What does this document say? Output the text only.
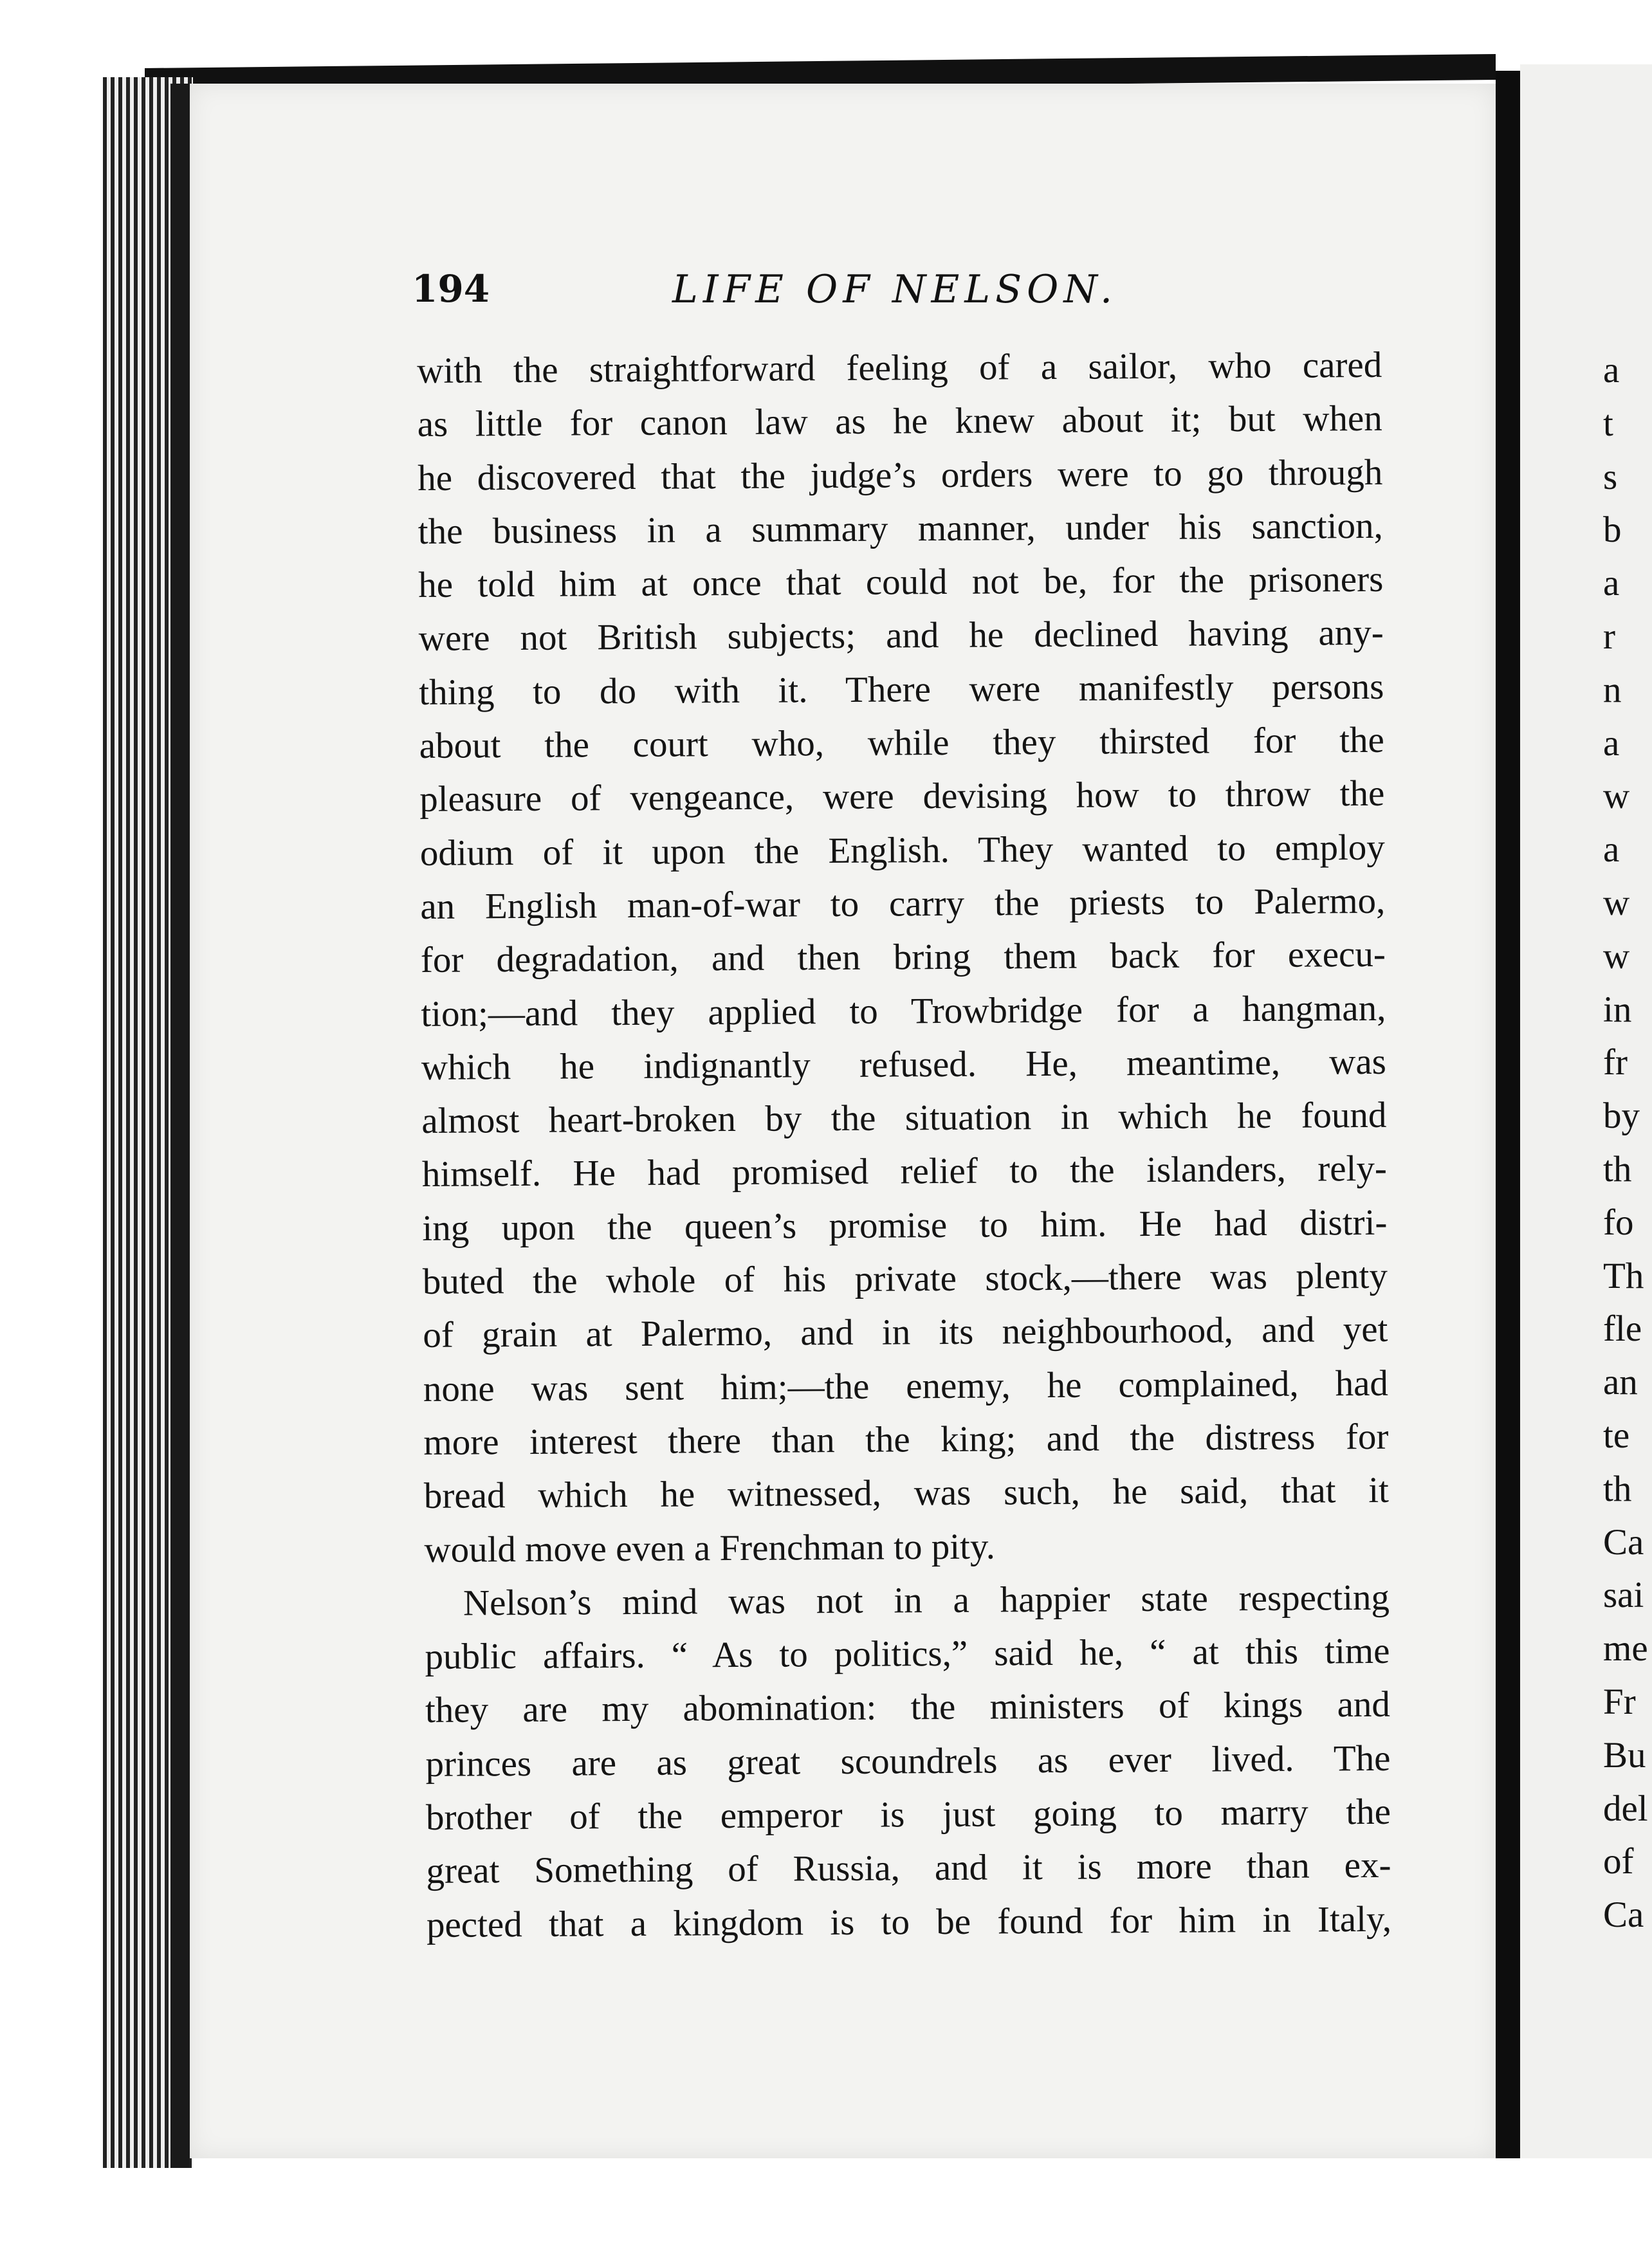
194	LIFE OF NELSON.
with the straightforward feeling of a sailor, who cared
as little for canon law as he knew about it; but when
he discovered that the judge’s orders were to go through
the business in a summary manner, under his sanction,
he told him at once that could not be, for the prisoners
were not British subjects; and he declined having any-
thing to do with it. There were manifestly persons
about the court who, while they thirsted for the
pleasure of vengeance, were devising how to throw the
odium of it upon the English. They wanted to employ
an English man-of-war to carry the priests to Palermo,
for degradation, and then bring them back for execu-
tion;—and they applied to Trowbridge for a hangman,
which he indignantly refused. He, meantime, was
almost heart-broken by the situation in which he found
himself. He had promised relief to the islanders, rely-
ing upon the queen’s promise to him. He had distri-
buted the whole of his private stock,—there was plenty
of grain at Palermo, and in its neighbourhood, and yet
none was sent him;—the enemy, he complained, had
more interest there than the king; and the distress for
bread which he witnessed, was such, he said, that it
would move even a Frenchman to pity.
Nelson’s mind was not in a happier state respecting
public affairs. “ As to politics,” said he, “ at this time
they are my abomination: the ministers of kings and
princes are as great scoundrels as ever lived. The
brother of the emperor is just going to marry the
great Something of Russia, and it is more than ex-
pected that a kingdom is to be found for him in Italy,
a
t
s
b
a
r
n
a
w
a
w
w
in
fr
by
th
fo
Th
fle
an
te
th
Ca
sai
me
Fr
Bu
del
of
Ca
